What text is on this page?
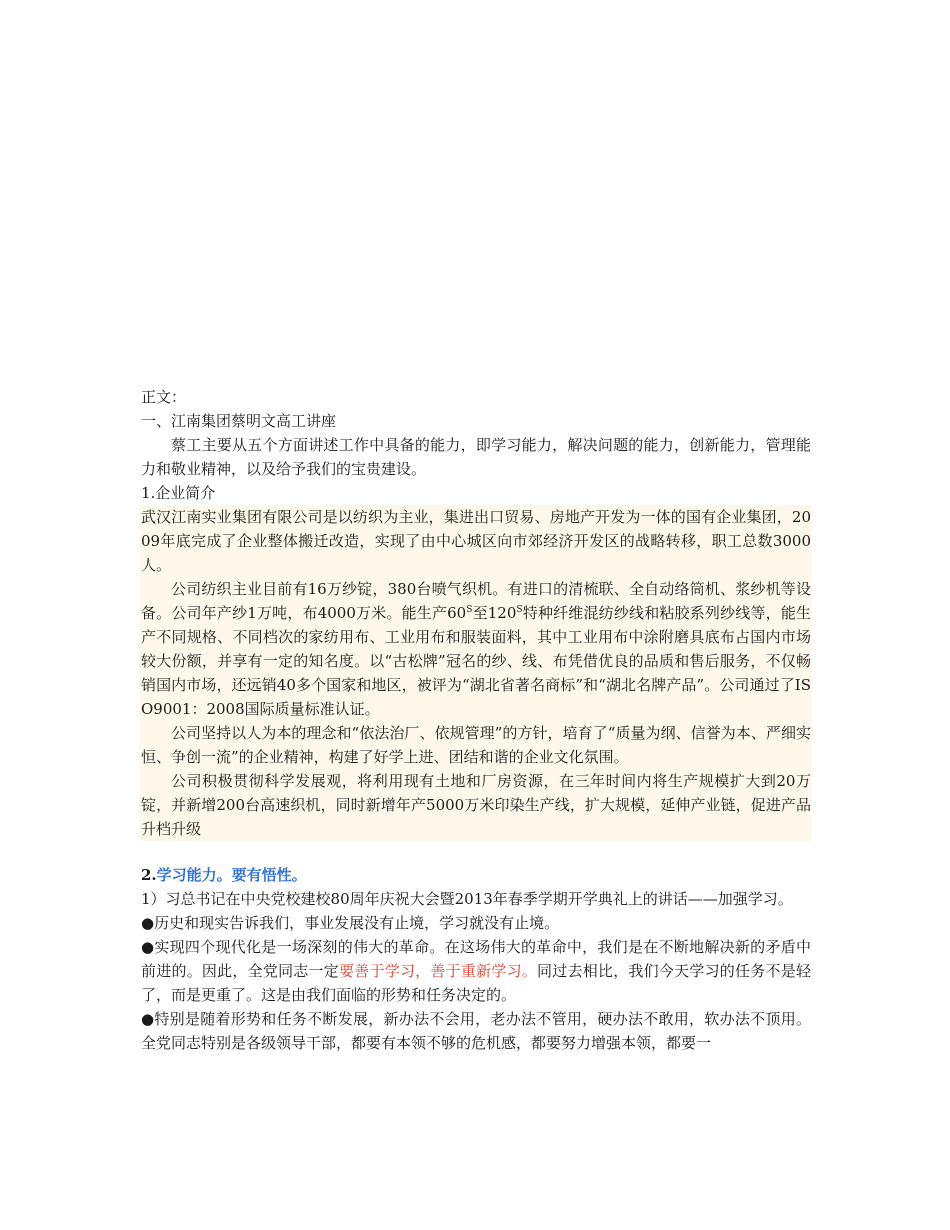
正文：

一、江南集团蔡明文高工讲座

蔡工主要从五个方面讲述工作中具备的能力，即学习能力，解决问题的能力，创新能力，管理能力和敬业精神，以及给予我们的宝贵建设。

1.企业简介

武汉江南实业集团有限公司是以纺织为主业，集进出口贸易、房地产开发为一体的国有企业集团，2009年底完成了企业整体搬迁改造，实现了由中心城区向市郊经济开发区的战略转移，职工总数3000人。

公司纺织主业目前有16万纱锭，380台喷气织机。有进口的清梳联、全自动络筒机、浆纱机等设备。公司年产纱1万吨，布4000万米。能生产$60^S$至$120^S$特种纤维混纺纱线和粘胶系列纱线等，能生产不同规格、不同档次的家纺用布、工业用布和服装面料，其中工业用布中涂附磨具底布占国内市场较大份额，并享有一定的知名度。以“古松牌”冠名的纱、线、布凭借优良的品质和售后服务，不仅畅销国内市场，还远销40多个国家和地区，被评为“湖北省著名商标”和“湖北名牌产品”。公司通过了ISO9001：2008国际质量标准认证。

公司坚持以人为本的理念和“依法治厂、依规管理”的方针，培育了“质量为纲、信誉为本、严细实恒、争创一流”的企业精神，构建了好学上进、团结和谐的企业文化氛围。

公司积极贯彻科学发展观，将利用现有土地和厂房资源，在三年时间内将生产规模扩大到20万锭，并新增200台高速织机，同时新增年产5000万米印染生产线，扩大规模，延伸产业链，促进产品升档升级

2.学习能力。要有悟性。

1）习总书记在中央党校建校80周年庆祝大会暨2013年春季学期开学典礼上的讲话——加强学习。

●历史和现实告诉我们，事业发展没有止境，学习就没有止境。

●实现四个现代化是一场深刻的伟大的革命。在这场伟大的革命中，我们是在不断地解决新的矛盾中前进的。因此，全党同志一定要善于学习，善于重新学习。同过去相比，我们今天学习的任务不是轻了，而是更重了。这是由我们面临的形势和任务决定的。

●特别是随着形势和任务不断发展，新办法不会用，老办法不管用，硬办法不敢用，软办法不顶用。全党同志特别是各级领导干部，都要有本领不够的危机感，都要努力增强本领，都要一
